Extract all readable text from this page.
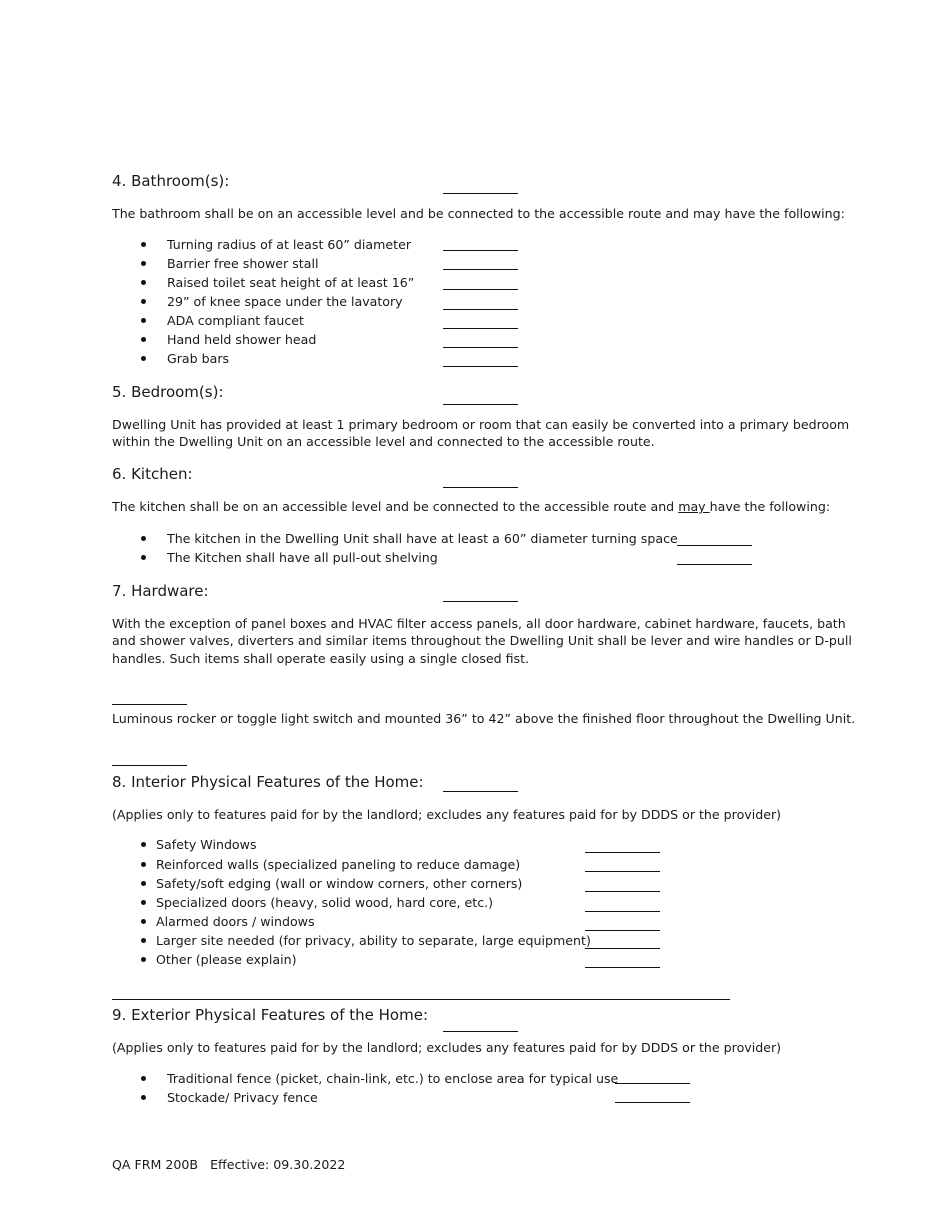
4. Bathroom(s):
The bathroom shall be on an accessible level and be connected to the accessible route and may have the following:
Turning radius of at least 60” diameter
Barrier free shower stall
Raised toilet seat height of at least 16”
29” of knee space under the lavatory
ADA compliant faucet
Hand held shower head
Grab bars
5. Bedroom(s):
Dwelling Unit has provided at least 1 primary bedroom or room that can easily be converted into a primary bedroom
within the Dwelling Unit on an accessible level and connected to the accessible route.
6. Kitchen:
The kitchen shall be on an accessible level and be connected to the accessible route and may have the following:
The kitchen in the Dwelling Unit shall have at least a 60” diameter turning space
The Kitchen shall have all pull-out shelving
7. Hardware:
With the exception of panel boxes and HVAC filter access panels, all door hardware, cabinet hardware, faucets, bath
and shower valves, diverters and similar items throughout the Dwelling Unit shall be lever and wire handles or D-pull
handles. Such items shall operate easily using a single closed fist.
Luminous rocker or toggle light switch and mounted 36” to 42” above the finished floor throughout the Dwelling Unit.
8. Interior Physical Features of the Home:
(Applies only to features paid for by the landlord; excludes any features paid for by DDDS or the provider)
Safety Windows
Reinforced walls (specialized paneling to reduce damage)
Safety/soft edging (wall or window corners, other corners)
Specialized doors (heavy, solid wood, hard core, etc.)
Alarmed doors / windows
Larger site needed (for privacy, ability to separate, large equipment)
Other (please explain)
9. Exterior Physical Features of the Home:
(Applies only to features paid for by the landlord; excludes any features paid for by DDDS or the provider)
Traditional fence (picket, chain-link, etc.) to enclose area for typical use
Stockade/ Privacy fence
QA FRM 200B Effective: 09.30.2022
